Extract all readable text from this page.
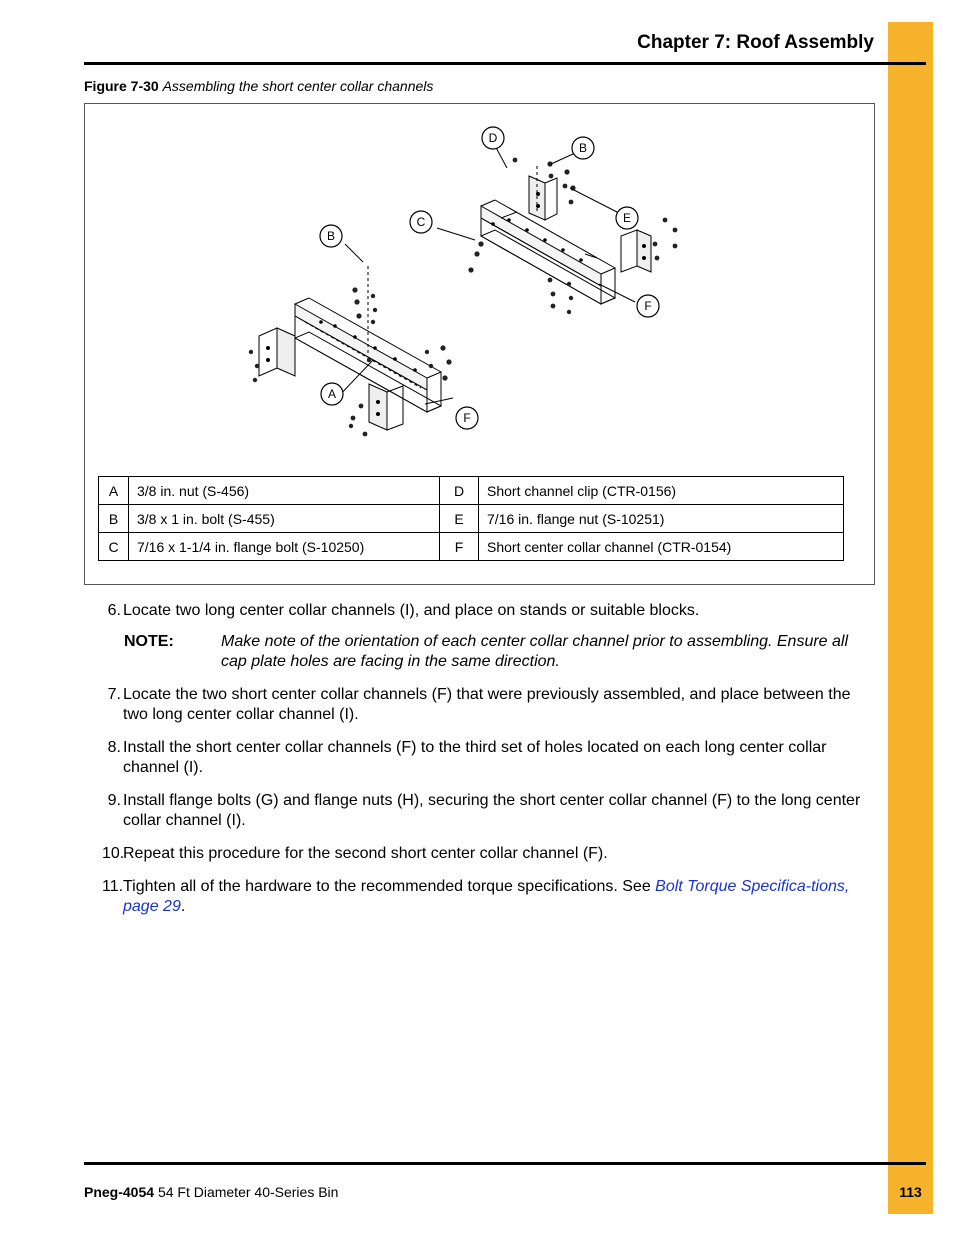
Chapter 7: Roof Assembly
Figure 7-30 Assembling the short center collar channels
D
B
E
C
B
F
A
F
A	3/8 in. nut (S-456)	D	Short channel clip (CTR-0156)
B	3/8 x 1 in. bolt (S-455)	E	7/16 in. flange nut (S-10251)
C	7/16 x 1-1/4 in. flange bolt (S-10250)	F	Short center collar channel (CTR-0154)
6. Locate two long center collar channels (I), and place on stands or suitable blocks.
NOTE:	Make note of the orientation of each center collar channel prior to assembling. Ensure all cap plate holes are facing in the same direction.
7. Locate the two short center collar channels (F) that were previously assembled, and place between the two long center collar channel (I).
8. Install the short center collar channels (F) to the third set of holes located on each long center collar channel (I).
9. Install flange bolts (G) and flange nuts (H), securing the short center collar channel (F) to the long center collar channel (I).
10.
Repeat this procedure for the second short center collar channel (F).
11. Tighten all of the hardware to the recommended torque specifications. See Bolt Torque Specifica-tions, page 29.
Pneg-4054 54 Ft Diameter 40-Series Bin	113
